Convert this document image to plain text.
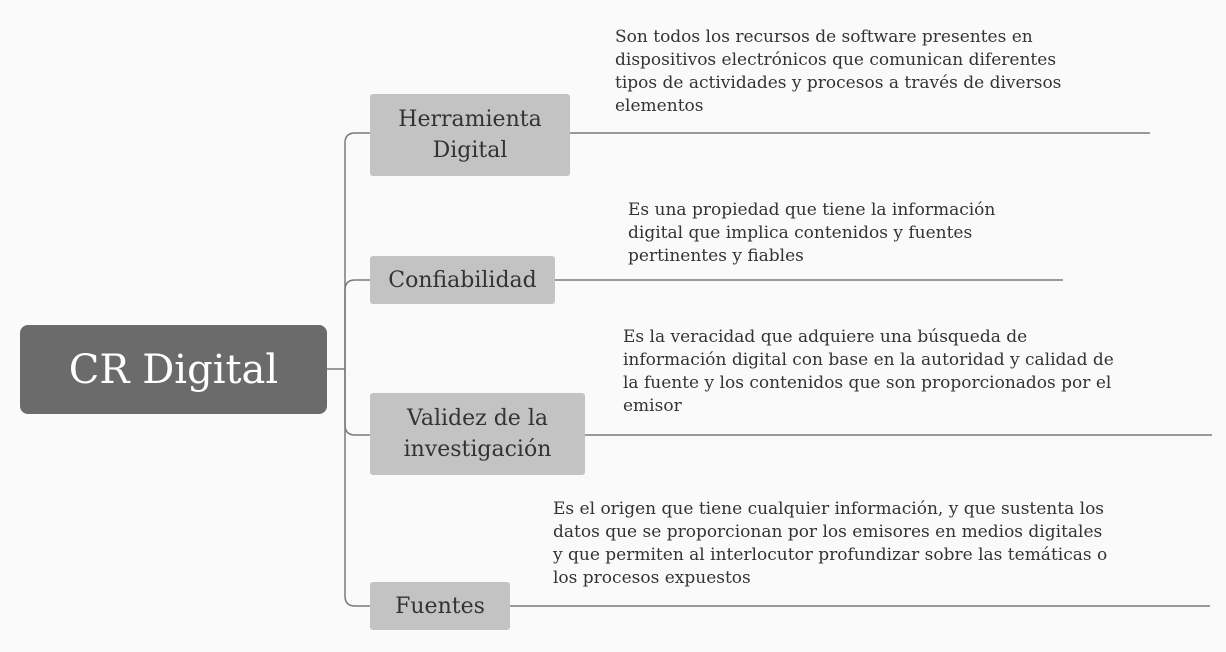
CR Digital
Herramienta
Digital
Son todos los recursos de software presentes en
dispositivos electrónicos que comunican diferentes
tipos de actividades y procesos a través de diversos
elementos
Confiabilidad
Es una propiedad que tiene la información
digital que implica contenidos y fuentes
pertinentes y fiables
Validez de la
investigación
Es la veracidad que adquiere una búsqueda de
información digital con base en la autoridad y calidad de
la fuente y los contenidos que son proporcionados por el
emisor
Fuentes
Es el origen que tiene cualquier información, y que sustenta los
datos que se proporcionan por los emisores en medios digitales
y que permiten al interlocutor profundizar sobre las temáticas o
los procesos expuestos
